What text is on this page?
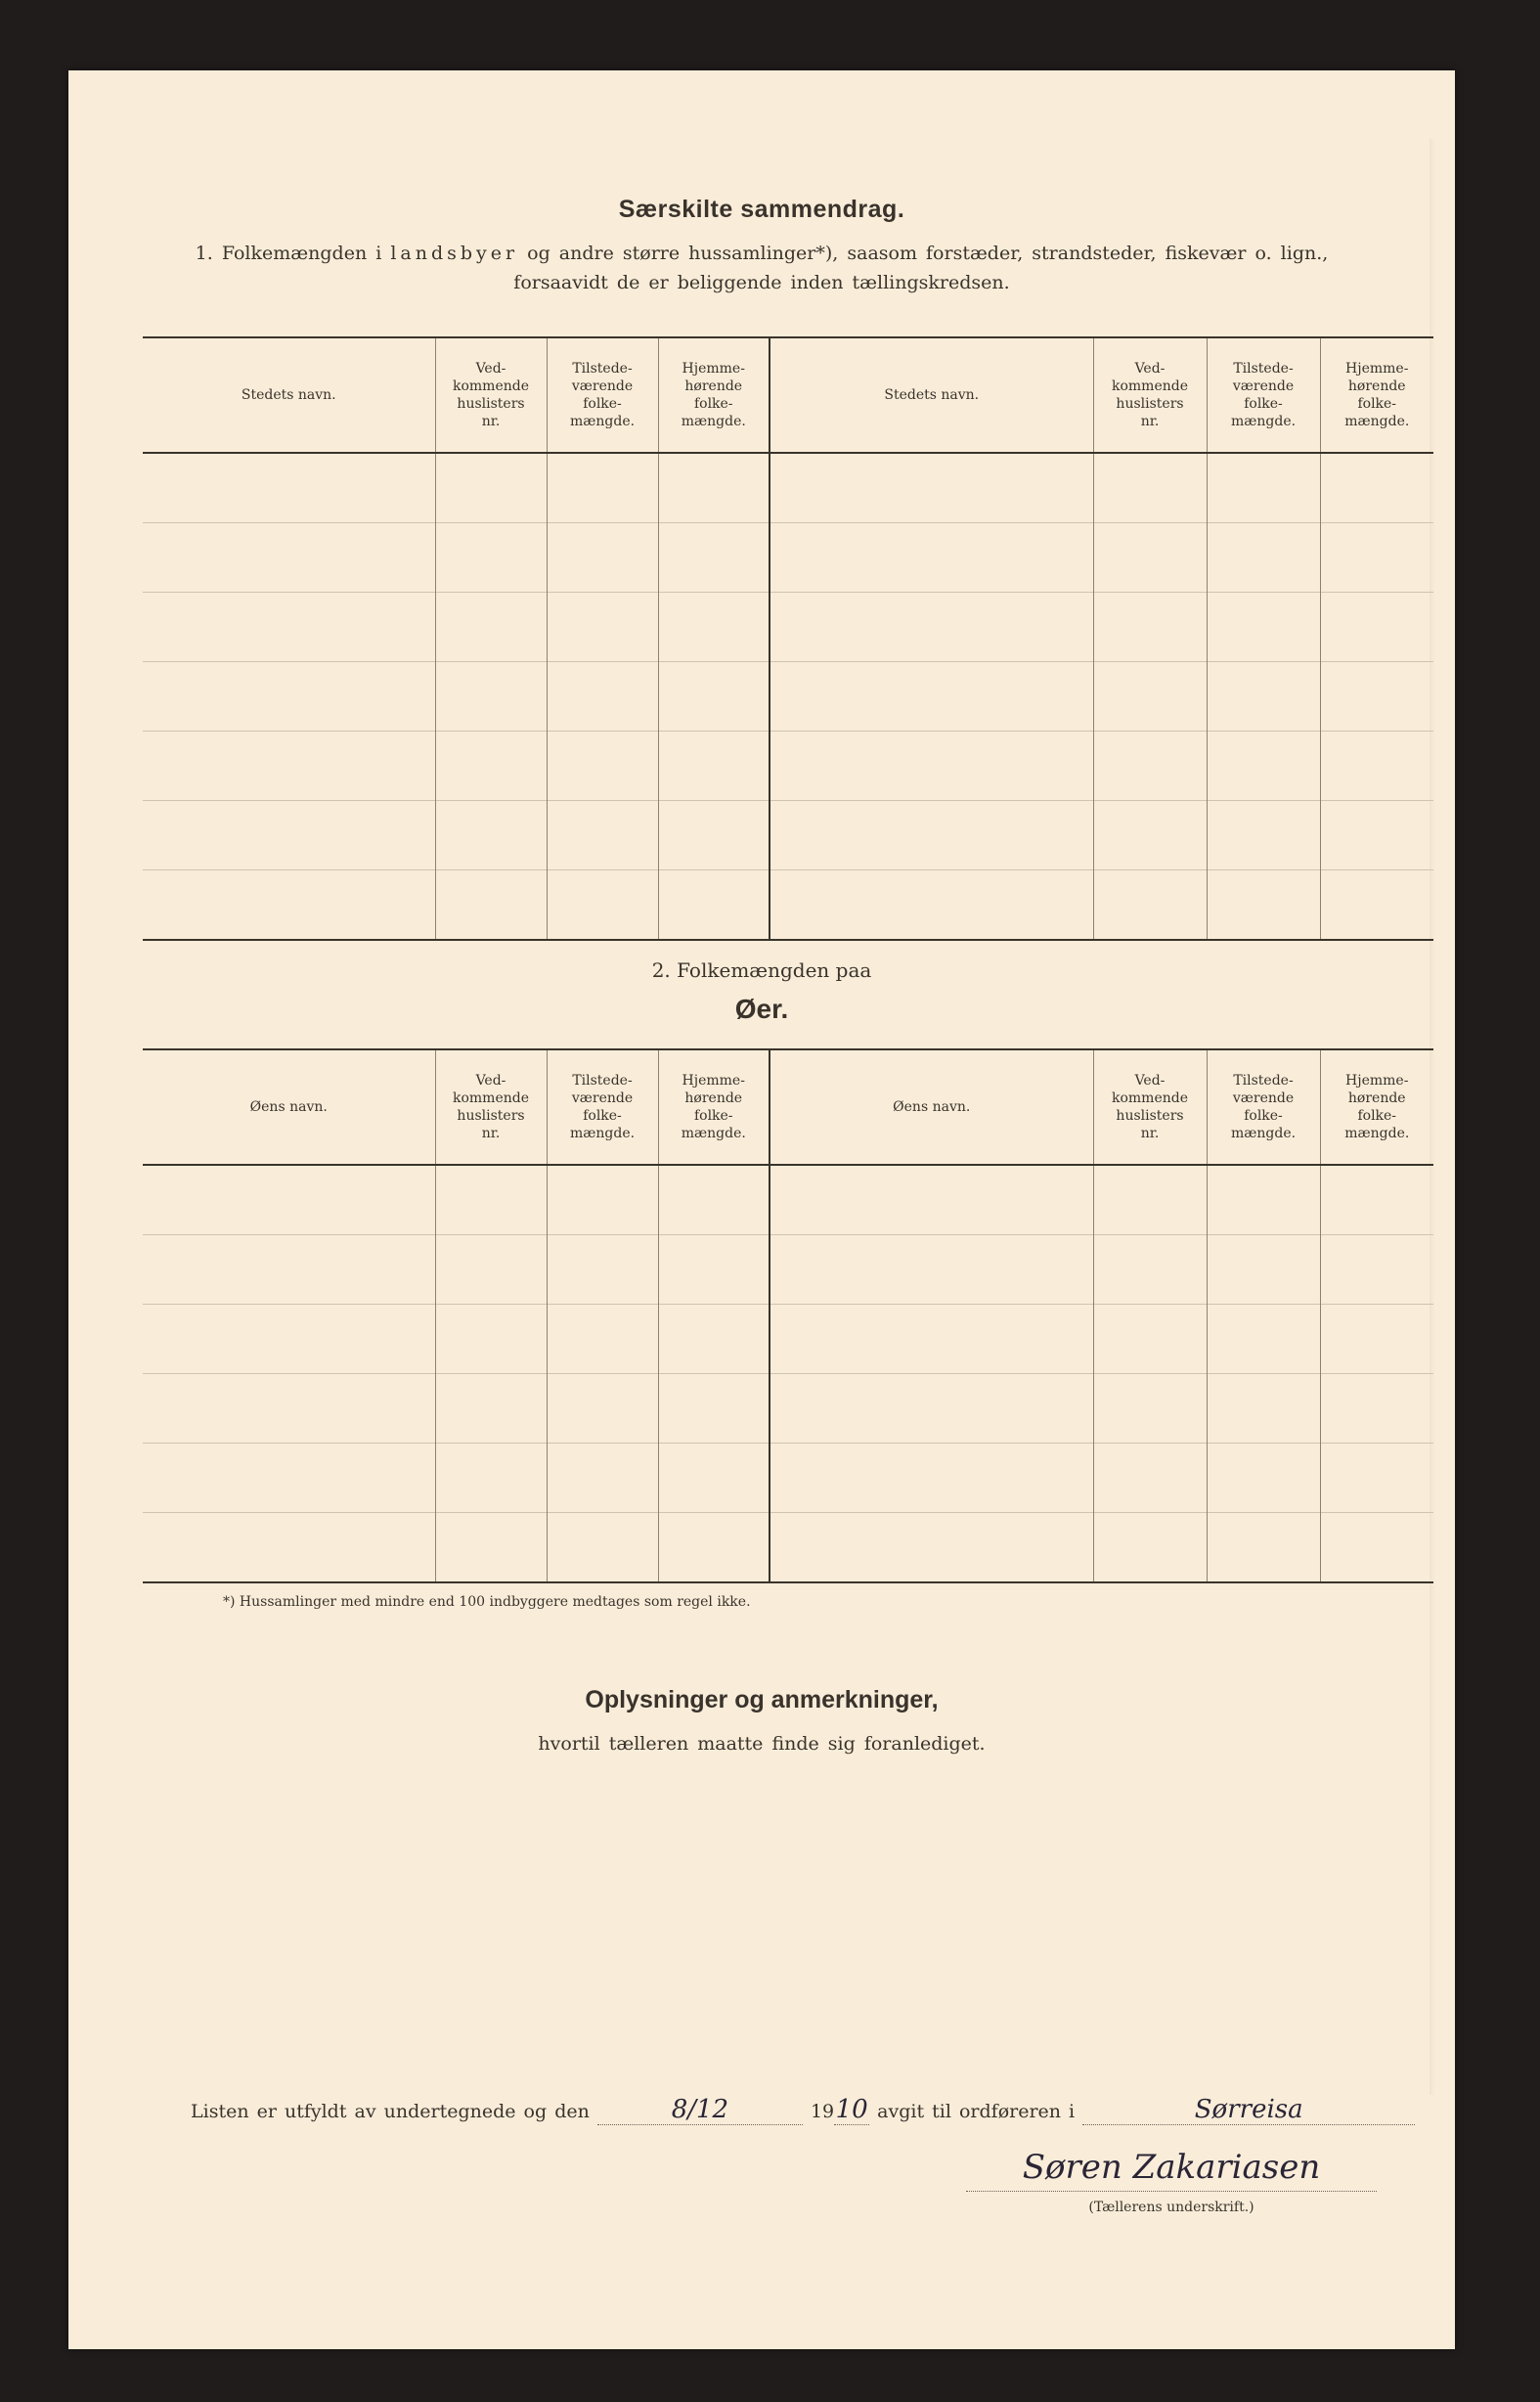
Særskilte sammendrag.
1. Folkemængden i landsbyer og andre større hussamlinger*), saasom forstæder, strandsteder, fiskevær o. lign.,
forsaavidt de er beliggende inden tællingskredsen.
Stedets navn.	Ved-
kommende
huslisters
nr.	Tilstede-
værende
folke-
mængde.	Hjemme-
hørende
folke-
mængde.	Stedets navn.	Ved-
kommende
huslisters
nr.	Tilstede-
værende
folke-
mængde.	Hjemme-
hørende
folke-
mængde.

2. Folkemængden paa
Øer.
Øens navn.	Ved-
kommende
huslisters
nr.	Tilstede-
værende
folke-
mængde.	Hjemme-
hørende
folke-
mængde.	Øens navn.	Ved-
kommende
huslisters
nr.	Tilstede-
værende
folke-
mængde.	Hjemme-
hørende
folke-
mængde.

*) Hussamlinger med mindre end 100 indbyggere medtages som regel ikke.
Oplysninger og anmerkninger,
hvortil tælleren maatte finde sig foranlediget.
Listen er utfyldt av undertegnede og den	8/12	1910 avgit til ordføreren i	Sørreisa
Søren Zakariasen
(Tællerens underskrift.)
